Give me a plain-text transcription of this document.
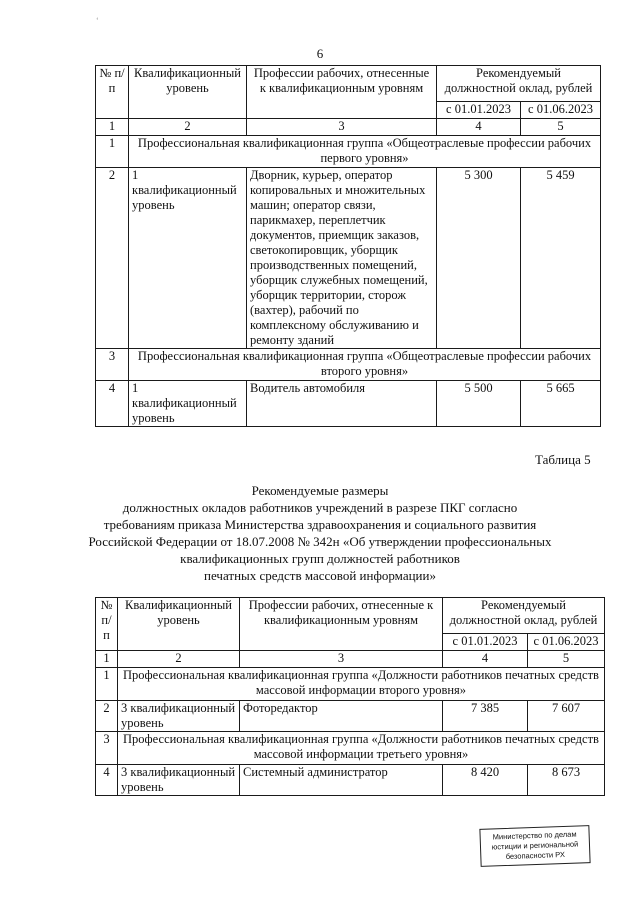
‘
6
№ п/п	Квалификационный уровень	Профессии рабочих, отнесенные к квалификационным уровням	Рекомендуемый должностной оклад, рублей	
			с 01.01.2023	с 01.06.2023
1	2	3	4	5
1	Профессиональная квалификационная группа «Общеотраслевые профессии рабочих первого уровня»			
2	1 квалификационный уровень	Дворник, курьер, оператор копировальных и множительных машин; оператор связи, парикмахер, переплетчик документов, приемщик заказов, светокопировщик, уборщик производственных помещений, уборщик служебных помещений, уборщик территории, сторож (вахтер), рабочий по комплексному обслуживанию и ремонту зданий	5 300	5 459
3	Профессиональная квалификационная группа «Общеотраслевые профессии рабочих второго уровня»			
4	1 квалификационный уровень	Водитель автомобиля	5 500	5 665
Таблица 5
Рекомендуемые размеры
должностных окладов работников учреждений в разрезе ПКГ согласно
требованиям приказа Министерства здравоохранения и социального развития
Российской Федерации от 18.07.2008 № 342н «Об утверждении профессиональных
квалификационных групп должностей работников
печатных средств массовой информации»
№ п/п	Квалификационный уровень	Профессии рабочих, отнесенные к квалификационным уровням	Рекомендуемый должностной оклад, рублей	
			с 01.01.2023	с 01.06.2023
1	2	3	4	5
1	Профессиональная квалификационная группа «Должности работников печатных средств массовой информации второго уровня»			
2	3 квалификационный уровень	Фоторедактор	7 385	7 607
3	Профессиональная квалификационная группа «Должности работников печатных средств массовой информации третьего уровня»			
4	3 квалификационный уровень	Системный администратор	8 420	8 673
Министерство по делам
юстиции и региональной
безопасности РХ
